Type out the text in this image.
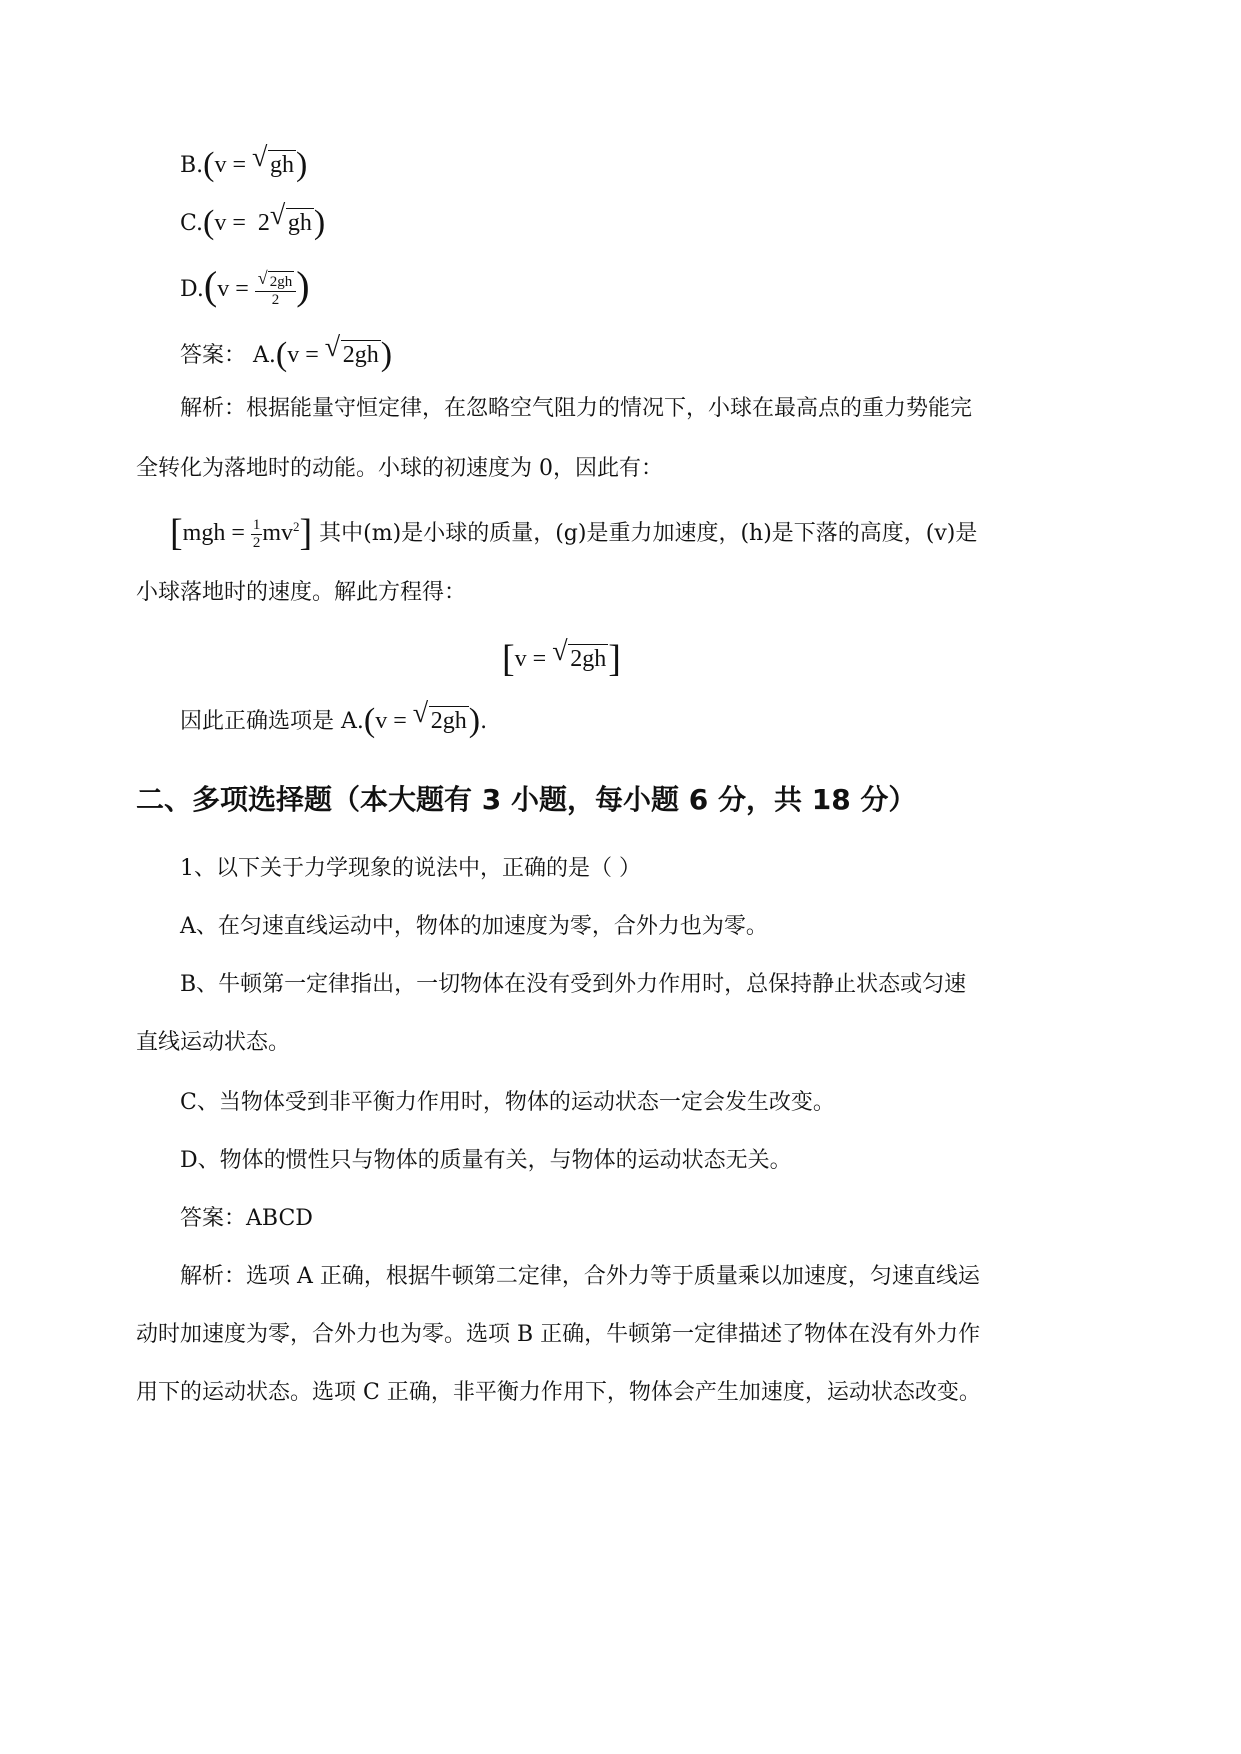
B.(v = √ gh)
C.(v = 2 √ gh)
D.(v = √ $\frac{2gh}{2}$ )
答案： A.(v = √ 2gh)
解析：根据能量守恒定律，在忽略空气阻力的情况下，小球在最高点的重力势能完
全转化为落地时的动能。小球的初速度为 0，因此有：
$[mgh = \frac{1}{2} mv^2]$ 其中(m)是小球的质量，(g)是重力加速度，(h)是下落的高度，(v)是
小球落地时的速度。解此方程得：
[v = √ 2gh]
因此正确选项是 A.(v = √ 2gh).
二、多项选择题（本大题有 3 小题，每小题 6 分，共 18 分）
1、以下关于力学现象的说法中，正确的是（ ）
A、在匀速直线运动中，物体的加速度为零，合外力也为零。
B、牛顿第一定律指出，一切物体在没有受到外力作用时，总保持静止状态或匀速
直线运动状态。
C、当物体受到非平衡力作用时，物体的运动状态一定会发生改变。
D、物体的惯性只与物体的质量有关，与物体的运动状态无关。
答案：ABCD
解析：选项 A 正确，根据牛顿第二定律，合外力等于质量乘以加速度，匀速直线运
动时加速度为零，合外力也为零。选项 B 正确，牛顿第一定律描述了物体在没有外力作
用下的运动状态。选项 C 正确，非平衡力作用下，物体会产生加速度，运动状态改变。
